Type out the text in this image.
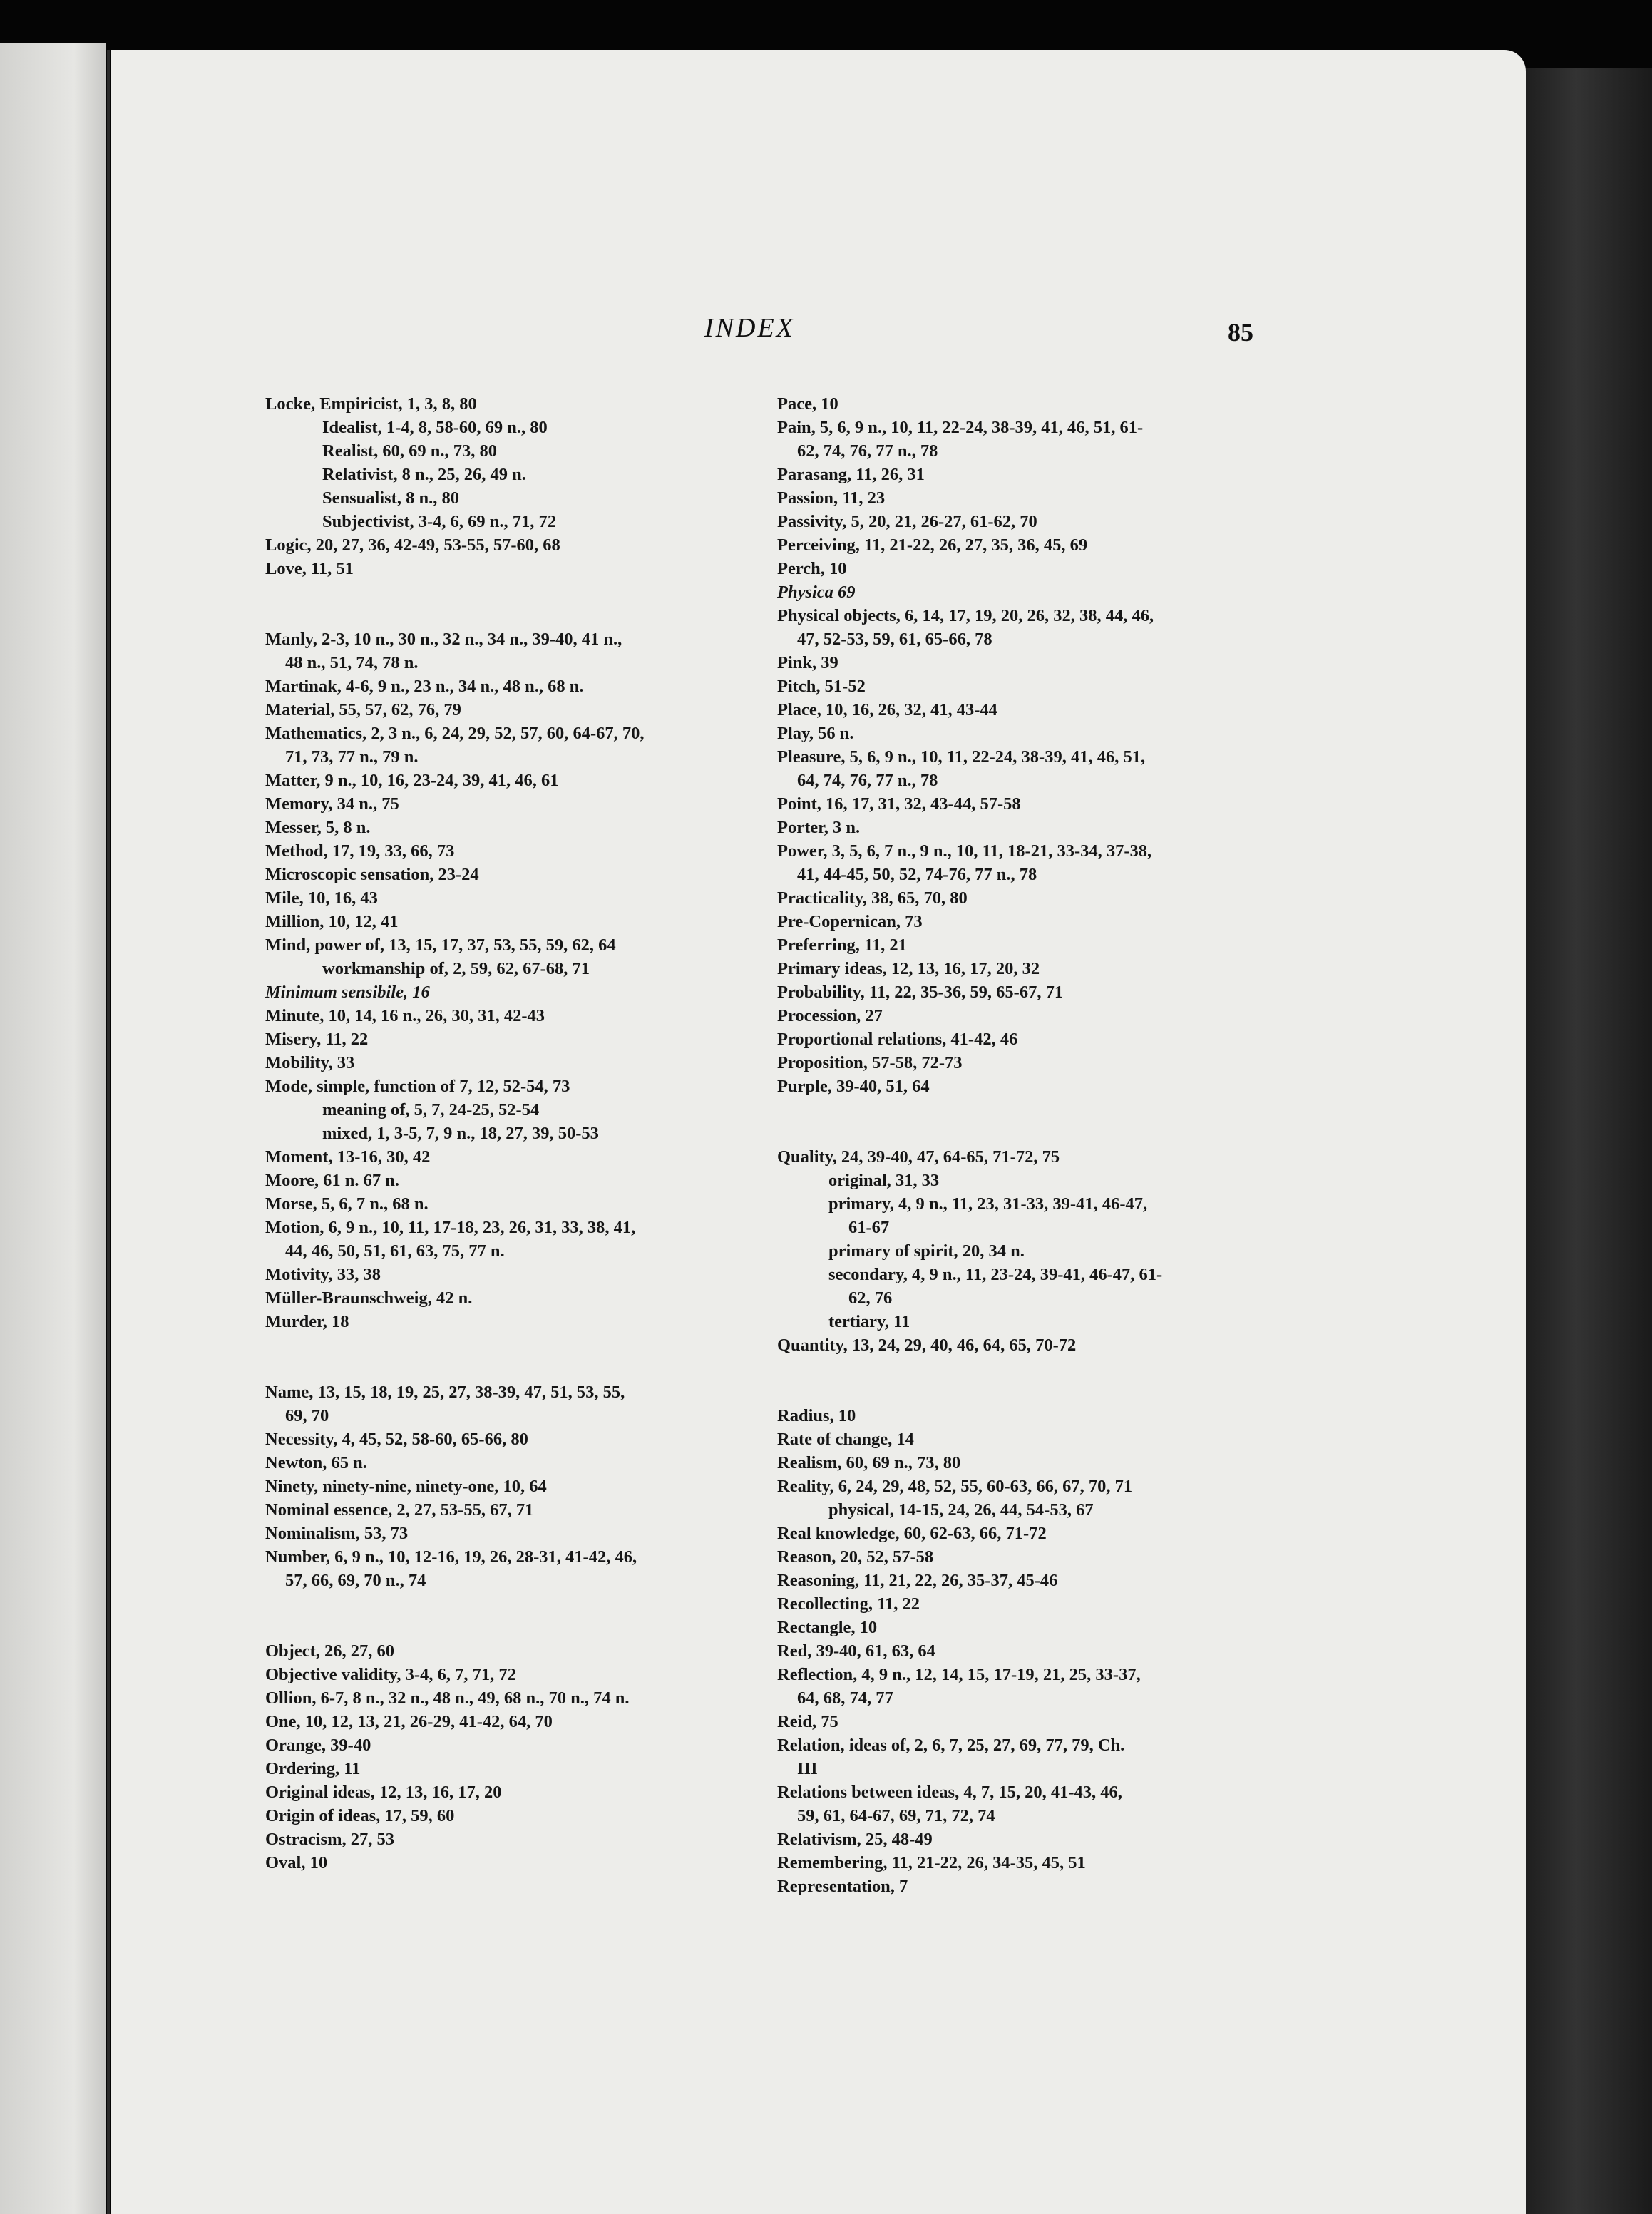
INDEX	85
Locke, Empiricist, 1, 3, 8, 80
Idealist, 1-4, 8, 58-60, 69 n., 80
Realist, 60, 69 n., 73, 80
Relativist, 8 n., 25, 26, 49 n.
Sensualist, 8 n., 80
Subjectivist, 3-4, 6, 69 n., 71, 72
Logic, 20, 27, 36, 42-49, 53-55, 57-60, 68
Love, 11, 51
Manly, 2-3, 10 n., 30 n., 32 n., 34 n., 39-40, 41 n.,
48 n., 51, 74, 78 n.
Martinak, 4-6, 9 n., 23 n., 34 n., 48 n., 68 n.
Material, 55, 57, 62, 76, 79
Mathematics, 2, 3 n., 6, 24, 29, 52, 57, 60, 64-67, 70,
71, 73, 77 n., 79 n.
Matter, 9 n., 10, 16, 23-24, 39, 41, 46, 61
Memory, 34 n., 75
Messer, 5, 8 n.
Method, 17, 19, 33, 66, 73
Microscopic sensation, 23-24
Mile, 10, 16, 43
Million, 10, 12, 41
Mind, power of, 13, 15, 17, 37, 53, 55, 59, 62, 64
workmanship of, 2, 59, 62, 67-68, 71
Minimum sensibile, 16
Minute, 10, 14, 16 n., 26, 30, 31, 42-43
Misery, 11, 22
Mobility, 33
Mode, simple, function of 7, 12, 52-54, 73
meaning of, 5, 7, 24-25, 52-54
mixed, 1, 3-5, 7, 9 n., 18, 27, 39, 50-53
Moment, 13-16, 30, 42
Moore, 61 n. 67 n.
Morse, 5, 6, 7 n., 68 n.
Motion, 6, 9 n., 10, 11, 17-18, 23, 26, 31, 33, 38, 41,
44, 46, 50, 51, 61, 63, 75, 77 n.
Motivity, 33, 38
Müller-Braunschweig, 42 n.
Murder, 18
Name, 13, 15, 18, 19, 25, 27, 38-39, 47, 51, 53, 55,
69, 70
Necessity, 4, 45, 52, 58-60, 65-66, 80
Newton, 65 n.
Ninety, ninety-nine, ninety-one, 10, 64
Nominal essence, 2, 27, 53-55, 67, 71
Nominalism, 53, 73
Number, 6, 9 n., 10, 12-16, 19, 26, 28-31, 41-42, 46,
57, 66, 69, 70 n., 74
Object, 26, 27, 60
Objective validity, 3-4, 6, 7, 71, 72
Ollion, 6-7, 8 n., 32 n., 48 n., 49, 68 n., 70 n., 74 n.
One, 10, 12, 13, 21, 26-29, 41-42, 64, 70
Orange, 39-40
Ordering, 11
Original ideas, 12, 13, 16, 17, 20
Origin of ideas, 17, 59, 60
Ostracism, 27, 53
Oval, 10
Pace, 10
Pain, 5, 6, 9 n., 10, 11, 22-24, 38-39, 41, 46, 51, 61-
62, 74, 76, 77 n., 78
Parasang, 11, 26, 31
Passion, 11, 23
Passivity, 5, 20, 21, 26-27, 61-62, 70
Perceiving, 11, 21-22, 26, 27, 35, 36, 45, 69
Perch, 10
Physica 69
Physical objects, 6, 14, 17, 19, 20, 26, 32, 38, 44, 46,
47, 52-53, 59, 61, 65-66, 78
Pink, 39
Pitch, 51-52
Place, 10, 16, 26, 32, 41, 43-44
Play, 56 n.
Pleasure, 5, 6, 9 n., 10, 11, 22-24, 38-39, 41, 46, 51,
64, 74, 76, 77 n., 78
Point, 16, 17, 31, 32, 43-44, 57-58
Porter, 3 n.
Power, 3, 5, 6, 7 n., 9 n., 10, 11, 18-21, 33-34, 37-38,
41, 44-45, 50, 52, 74-76, 77 n., 78
Practicality, 38, 65, 70, 80
Pre-Copernican, 73
Preferring, 11, 21
Primary ideas, 12, 13, 16, 17, 20, 32
Probability, 11, 22, 35-36, 59, 65-67, 71
Procession, 27
Proportional relations, 41-42, 46
Proposition, 57-58, 72-73
Purple, 39-40, 51, 64
Quality, 24, 39-40, 47, 64-65, 71-72, 75
original, 31, 33
primary, 4, 9 n., 11, 23, 31-33, 39-41, 46-47,
61-67
primary of spirit, 20, 34 n.
secondary, 4, 9 n., 11, 23-24, 39-41, 46-47, 61-
62, 76
tertiary, 11
Quantity, 13, 24, 29, 40, 46, 64, 65, 70-72
Radius, 10
Rate of change, 14
Realism, 60, 69 n., 73, 80
Reality, 6, 24, 29, 48, 52, 55, 60-63, 66, 67, 70, 71
physical, 14-15, 24, 26, 44, 54-53, 67
Real knowledge, 60, 62-63, 66, 71-72
Reason, 20, 52, 57-58
Reasoning, 11, 21, 22, 26, 35-37, 45-46
Recollecting, 11, 22
Rectangle, 10
Red, 39-40, 61, 63, 64
Reflection, 4, 9 n., 12, 14, 15, 17-19, 21, 25, 33-37,
64, 68, 74, 77
Reid, 75
Relation, ideas of, 2, 6, 7, 25, 27, 69, 77, 79, Ch.
III
Relations between ideas, 4, 7, 15, 20, 41-43, 46,
59, 61, 64-67, 69, 71, 72, 74
Relativism, 25, 48-49
Remembering, 11, 21-22, 26, 34-35, 45, 51
Representation, 7
